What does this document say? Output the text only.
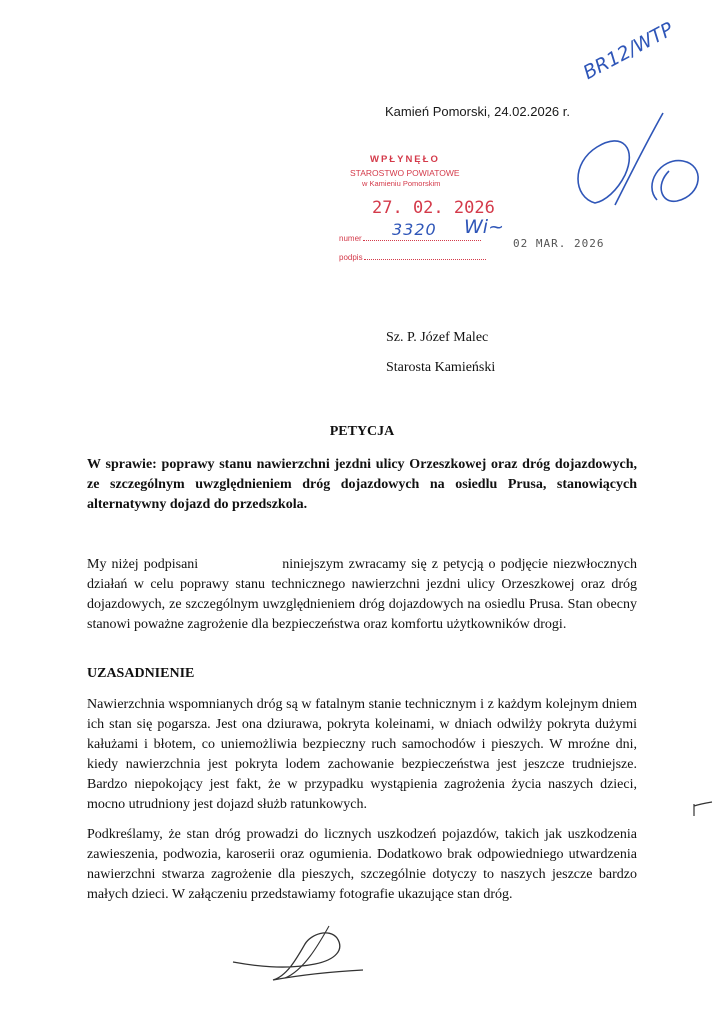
Kamień Pomorski, 24.02.2026 r.
BR12/WTP
WPŁYNĘŁO
STAROSTWO POWIATOWE
w Kamieniu Pomorskim
27. 02. 2026
numer	3320
podpis
Wi~
02 MAR. 2026
Sz. P. Józef Malec
Starosta Kamieński
PETYCJA
W sprawie: poprawy stanu nawierzchni jezdni ulicy Orzeszkowej oraz dróg dojazdowych, ze szczególnym uwzględnieniem dróg dojazdowych na osiedlu Prusa, stanowiących alternatywny dojazd do przedszkola.
My niżej podpisani	niniejszym zwracamy się z petycją o podjęcie niezwłocznych działań w celu poprawy stanu technicznego nawierzchni jezdni ulicy Orzeszkowej oraz dróg dojazdowych, ze szczególnym uwzględnieniem dróg dojazdowych na osiedlu Prusa. Stan obecny stanowi poważne zagrożenie dla bezpieczeństwa oraz komfortu użytkowników drogi.
UZASADNIENIE
Nawierzchnia wspomnianych dróg są w fatalnym stanie technicznym i z każdym kolejnym dniem ich stan się pogarsza. Jest ona dziurawa, pokryta koleinami, w dniach odwilży pokryta dużymi kałużami i błotem, co uniemożliwia bezpieczny ruch samochodów i pieszych. W mroźne dni, kiedy nawierzchnia jest pokryta lodem zachowanie bezpieczeństwa jest jeszcze trudniejsze. Bardzo niepokojący jest fakt, że w przypadku wystąpienia zagrożenia życia naszych dzieci, mocno utrudniony jest dojazd służb ratunkowych.
Podkreślamy, że stan dróg prowadzi do licznych uszkodzeń pojazdów, takich jak uszkodzenia zawieszenia, podwozia, karoserii oraz ogumienia. Dodatkowo brak odpowiedniego utwardzenia nawierzchni stwarza zagrożenie dla pieszych, szczególnie dotyczy to naszych jeszcze bardzo małych dzieci. W załączeniu przedstawiamy fotografie ukazujące stan dróg.
